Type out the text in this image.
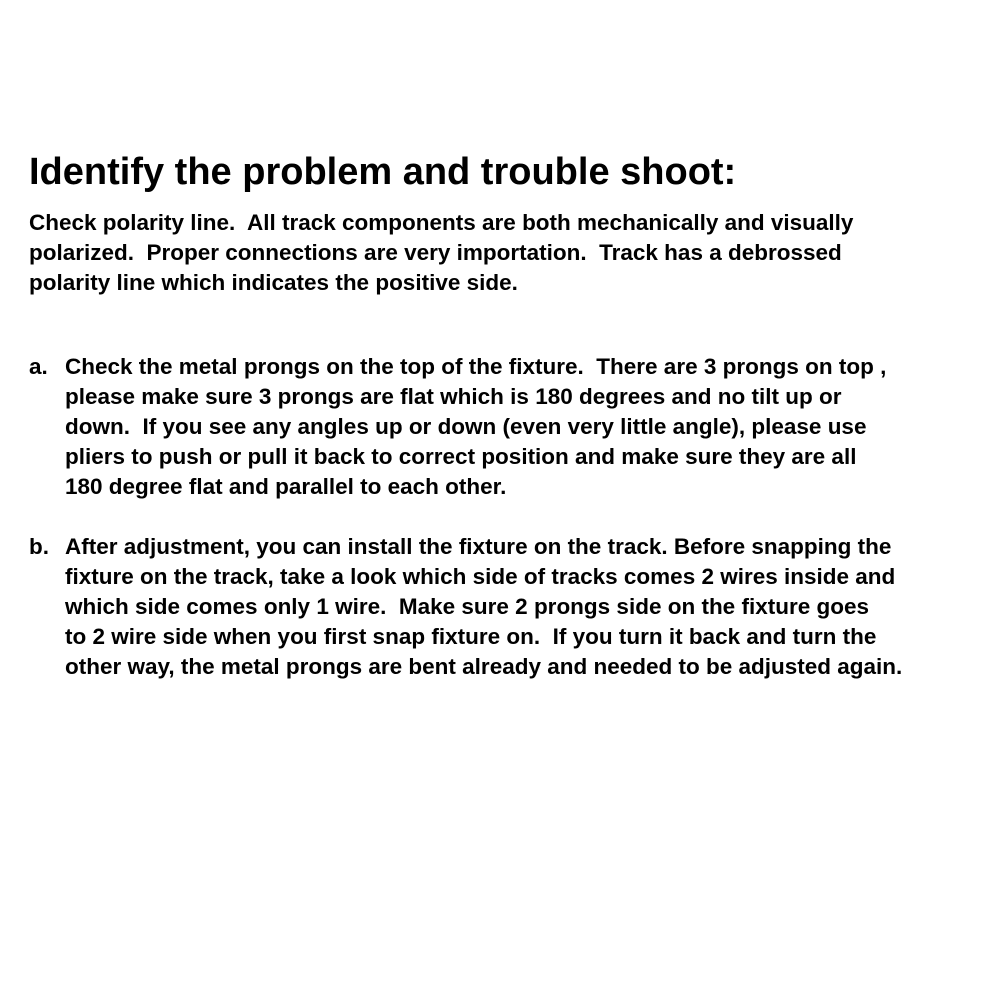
Identify the problem and trouble shoot:
Check polarity line.  All track components are both mechanically and visually
polarized.  Proper connections are very importation.  Track has a debrossed
polarity line which indicates the positive side.
a. Check the metal prongs on the top of the fixture.  There are 3 prongs on top ,
please make sure 3 prongs are flat which is 180 degrees and no tilt up or
down.  If you see any angles up or down (even very little angle), please use
pliers to push or pull it back to correct position and make sure they are all
180 degree flat and parallel to each other.
b. After adjustment, you can install the fixture on the track. Before snapping the
fixture on the track, take a look which side of tracks comes 2 wires inside and
which side comes only 1 wire.  Make sure 2 prongs side on the fixture goes
to 2 wire side when you first snap fixture on.  If you turn it back and turn the
other way, the metal prongs are bent already and needed to be adjusted again.
